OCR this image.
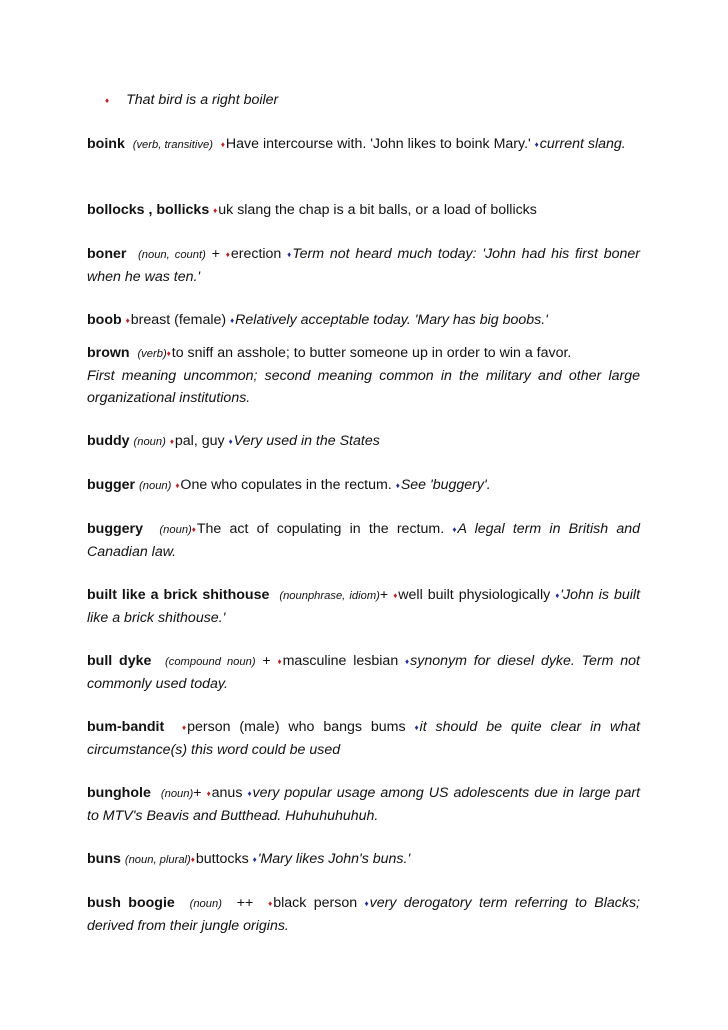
♦ That bird is a right boiler
boink (verb, transitive) ♦Have intercourse with. 'John likes to boink Mary.' ♦current slang.
bollocks , bollicks ♦uk slang the chap is a bit balls, or a load of bollicks
boner (noun, count) + ♦erection ♦Term not heard much today: 'John had his first boner when he was ten.'
boob ♦breast (female) ♦Relatively acceptable today. 'Mary has big boobs.'
brown (verb)♦to sniff an asshole; to butter someone up in order to win a favor.
First meaning uncommon; second meaning common in the military and other large organizational institutions.
buddy (noun) ♦pal, guy ♦Very used in the States
bugger (noun) ♦One who copulates in the rectum. ♦See 'buggery'.
buggery (noun)♦The act of copulating in the rectum. ♦A legal term in British and Canadian law.
built like a brick shithouse (nounphrase, idiom)+ ♦well built physiologically ♦'John is built like a brick shithouse.'
bull dyke (compound noun) + ♦masculine lesbian ♦synonym for diesel dyke. Term not commonly used today.
bum-bandit ♦person (male) who bangs bums ♦it should be quite clear in what circumstance(s) this word could be used
bunghole (noun)+ ♦anus ♦very popular usage among US adolescents due in large part to MTV's Beavis and Butthead. Huhuhuhuhuh.
buns (noun, plural)♦buttocks ♦'Mary likes John's buns.'
bush boogie (noun) ++ ♦black person ♦very derogatory term referring to Blacks; derived from their jungle origins.
